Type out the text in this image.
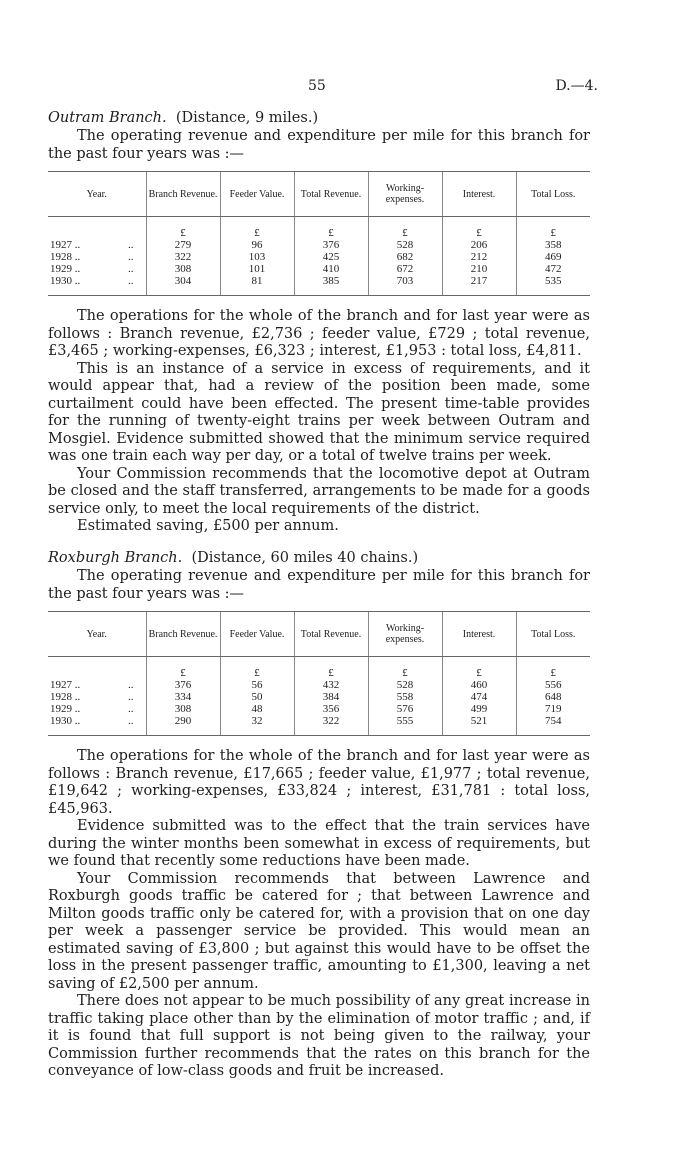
55	D.—4.

Outram Branch. (Distance, 9 miles.)

The operating revenue and expenditure per mile for this branch for the past four years was :—

Year.	Branch Revenue.	Feeder Value.	Total Revenue.	Working-expenses.	Interest.	Total Loss.
	£	£	£	£	£	£
1927 .. ..	279	96	376	528	206	358
1928 .. ..	322	103	425	682	212	469
1929 .. ..	308	101	410	672	210	472
1930 .. ..	304	81	385	703	217	535

The operations for the whole of the branch and for last year were as follows : Branch revenue, £2,736 ; feeder value, £729 ; total revenue, £3,465 ; working-expenses, £6,323 ; interest, £1,953 : total loss, £4,811.

This is an instance of a service in excess of requirements, and it would appear that, had a review of the position been made, some curtailment could have been effected. The present time-table provides for the running of twenty-eight trains per week between Outram and Mosgiel. Evidence submitted showed that the minimum service required was one train each way per day, or a total of twelve trains per week.

Your Commission recommends that the locomotive depot at Outram be closed and the staff transferred, arrangements to be made for a goods service only, to meet the local requirements of the district.

Estimated saving, £500 per annum.

Roxburgh Branch. (Distance, 60 miles 40 chains.)

The operating revenue and expenditure per mile for this branch for the past four years was :—

Year.	Branch Revenue.	Feeder Value.	Total Revenue.	Working-expenses.	Interest.	Total Loss.
	£	£	£	£	£	£
1927 .. ..	376	56	432	528	460	556
1928 .. ..	334	50	384	558	474	648
1929 .. ..	308	48	356	576	499	719
1930 .. ..	290	32	322	555	521	754

The operations for the whole of the branch and for last year were as follows : Branch revenue, £17,665 ; feeder value, £1,977 ; total revenue, £19,642 ; working-expenses, £33,824 ; interest, £31,781 : total loss, £45,963.

Evidence submitted was to the effect that the train services have during the winter months been somewhat in excess of requirements, but we found that recently some reductions have been made.

Your Commission recommends that between Lawrence and Roxburgh goods traffic be catered for ; that between Lawrence and Milton goods traffic only be catered for, with a provision that on one day per week a passenger service be provided. This would mean an estimated saving of £3,800 ; but against this would have to be offset the loss in the present passenger traffic, amounting to £1,300, leaving a net saving of £2,500 per annum.

There does not appear to be much possibility of any great increase in traffic taking place other than by the elimination of motor traffic ; and, if it is found that full support is not being given to the railway, your Commission further recommends that the rates on this branch for the conveyance of low-class goods and fruit be increased.
